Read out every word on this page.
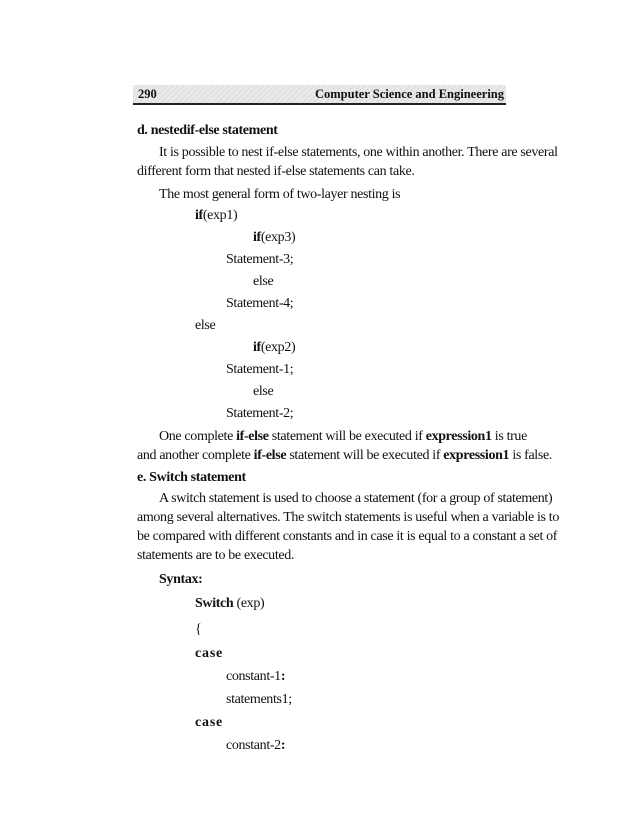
290	Computer Science and Engineering
d. nestedif-else statement
It is possible to nest if-else statements, one within another. There are several
different form that nested if-else statements can take.
The most general form of two-layer nesting is
if(exp1)
if(exp3)
Statement-3;
else
Statement-4;
else
if(exp2)
Statement-1;
else
Statement-2;
One complete if-else statement will be executed if expression1 is true
and another complete if-else statement will be executed if expression1 is false.
e. Switch statement
A switch statement is used to choose a statement (for a group of statement)
among several alternatives. The switch statements is useful when a variable is to
be compared with different constants and in case it is equal to a constant a set of
statements are to be executed.
Syntax:
Switch (exp)
{
case
constant-1:
statements1;
case
constant-2:
